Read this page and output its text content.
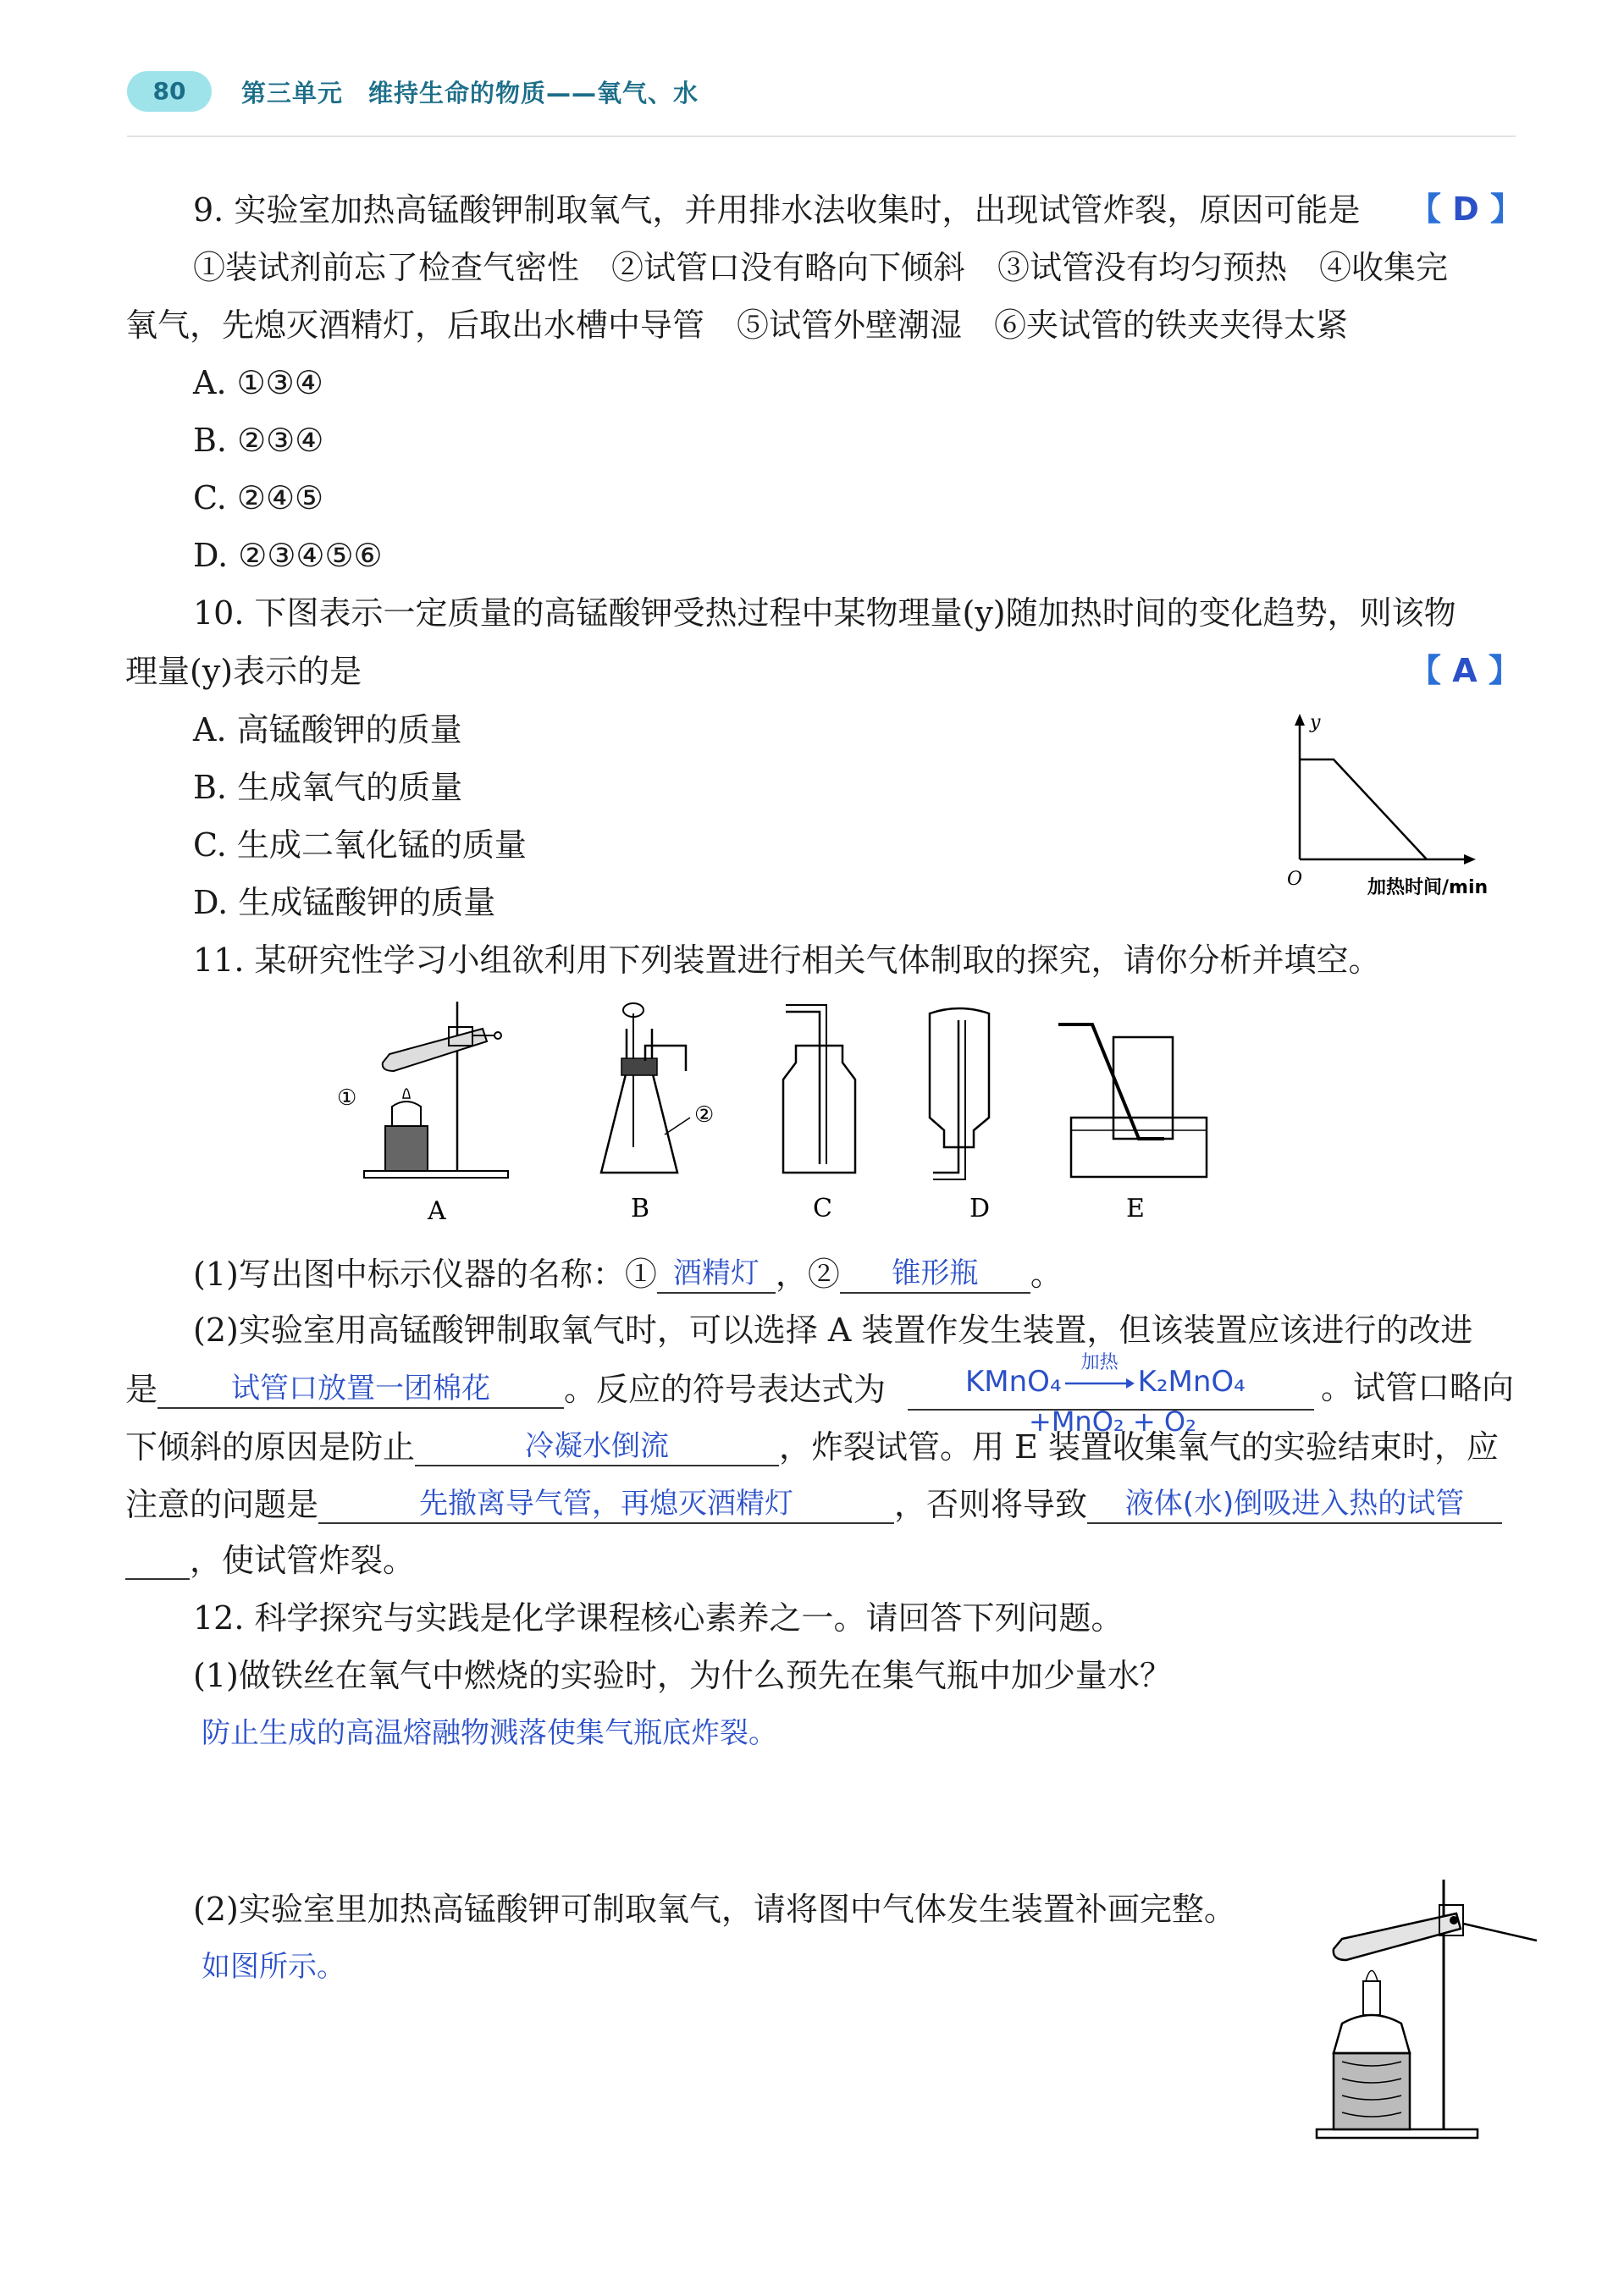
80	第三单元　维持生命的物质——氧气、水
9. 实验室加热高锰酸钾制取氧气，并用排水法收集时，出现试管炸裂，原因可能是 【 D 】
①装试剂前忘了检查气密性　②试管口没有略向下倾斜　③试管没有均匀预热　④收集完
氧气，先熄灭酒精灯，后取出水槽中导管　⑤试管外壁潮湿　⑥夹试管的铁夹夹得太紧
A. ①③④
B. ②③④
C. ②④⑤
D. ②③④⑤⑥
10. 下图表示一定质量的高锰酸钾受热过程中某物理量(y)随加热时间的变化趋势，则该物
理量(y)表示的是	【 A 】
A. 高锰酸钾的质量
B. 生成氧气的质量
C. 生成二氧化锰的质量
D. 生成锰酸钾的质量
y
O	加热时间/min
11. 某研究性学习小组欲利用下列装置进行相关气体制取的探究，请你分析并填空。
①
②
A	B	C	D	E
(1)写出图中标示仪器的名称：① 酒精灯 ，② 锥形瓶 。
(2)实验室用高锰酸钾制取氧气时，可以选择 A 装置作发生装置，但该装置应该进行的改进
是	试管口放置一团棉花 。反应的符号表达式为	KMnO₄
加热
K₂MnO₄ 。试管口略向
+MnO₂ + O₂
下倾斜的原因是防止	冷凝水倒流	，炸裂试管。用 E 装置收集氧气的实验结束时，应
注意的问题是	先撤离导气管，再熄灭酒精灯	，否则将导致 液体(水)倒吸进入热的试管
，使试管炸裂。
12. 科学探究与实践是化学课程核心素养之一。请回答下列问题。
(1)做铁丝在氧气中燃烧的实验时，为什么预先在集气瓶中加少量水？
防止生成的高温熔融物溅落使集气瓶底炸裂。
(2)实验室里加热高锰酸钾可制取氧气，请将图中气体发生装置补画完整。
如图所示。
